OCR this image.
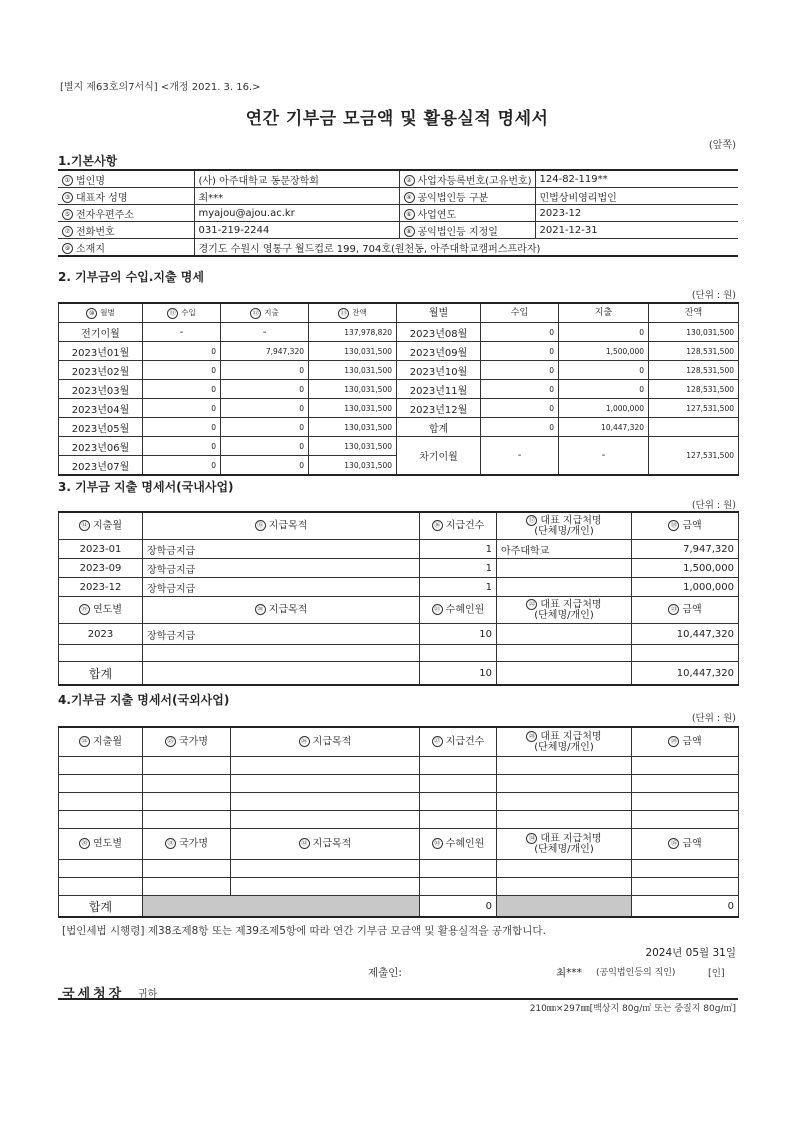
[별지 제63호의7서식] <개정 2021. 3. 16.>
연간 기부금 모금액 및 활용실적 명세서
(앞쪽)
1.기본사항
① 법인명	(사) 아주대학교 동문장학회	② 사업자등록번호(고유번호)	124-82-119**
③ 대표자 성명	최***	④ 공익법인등 구분	민법상비영리법인
⑤ 전자우편주소	myajou@ajou.ac.kr	⑥ 사업연도	2023-12
⑦ 전화번호	031-219-2244	⑧ 공익법인등 지정일	2021-12-31
⑨ 소재지	경기도 수원시 영통구 월드컵로 199, 704호(원천동, 아주대학교캠퍼스프라자)		
2. 기부금의 수입.지출 명세
(단위 : 원)
⑩ 월별	⑪ 수입	⑫ 지출	⑬ 잔액	월별	수입	지출	잔액

전기이월	-	-	137,978,820	2023년08월	0	0	130,031,500
2023년01월	0	7,947,320	130,031,500	2023년09월	0	1,500,000	128,531,500
2023년02월	0	0	130,031,500	2023년10월	0	0	128,531,500
2023년03월	0	0	130,031,500	2023년11월	0	0	128,531,500
2023년04월	0	0	130,031,500	2023년12월	0	1,000,000	127,531,500
2023년05월	0	0	130,031,500	합계	0	10,447,320	
2023년06월	0	0	130,031,500	차기이월	-	-	127,531,500
2023년07월	0	0	130,031,500				
3. 기부금 지출 명세서(국내사업)
(단위 : 원)
⑭ 지출월	⑮ 지급목적	⑯ 지급건수	⑰ 대표 지급처명
(단체명/개인)	⑱ 금액

2023-01	장학금지급	1	아주대학교	7,947,320
2023-09	장학금지급	1		1,500,000
2023-12	장학금지급	1		1,000,000

⑲ 연도별	⑳ 지급목적	㉑ 수혜인원	㉒ 대표 지급처명
(단체명/개인)	㉓ 금액

2023	장학금지급	10		10,447,320

합계		10		10,447,320
4.기부금 지출 명세서(국외사업)
(단위 : 원)
㉔ 지출월	㉕ 국가명	㉖ 지급목적	㉗ 지급건수	㉘ 대표 지급처명
(단체명/개인)	㉙ 금액

㉚ 연도별	㉛ 국가명	㉜ 지급목적	㉝ 수혜인원	㉞ 대표 지급처명
(단체명/개인)	㉟ 금액

합계			0		0
[법인세법 시행령] 제38조제8항 또는 제39조제5항에 따라 연간 기부금 모금액 및 활용실적을 공개합니다.
2024년 05월 31일
제출인:	최*** (공익법인등의 직인)	[인]
국세청장 귀하
210㎜×297㎜[백상지 80g/㎡ 또는 중질지 80g/㎡]
